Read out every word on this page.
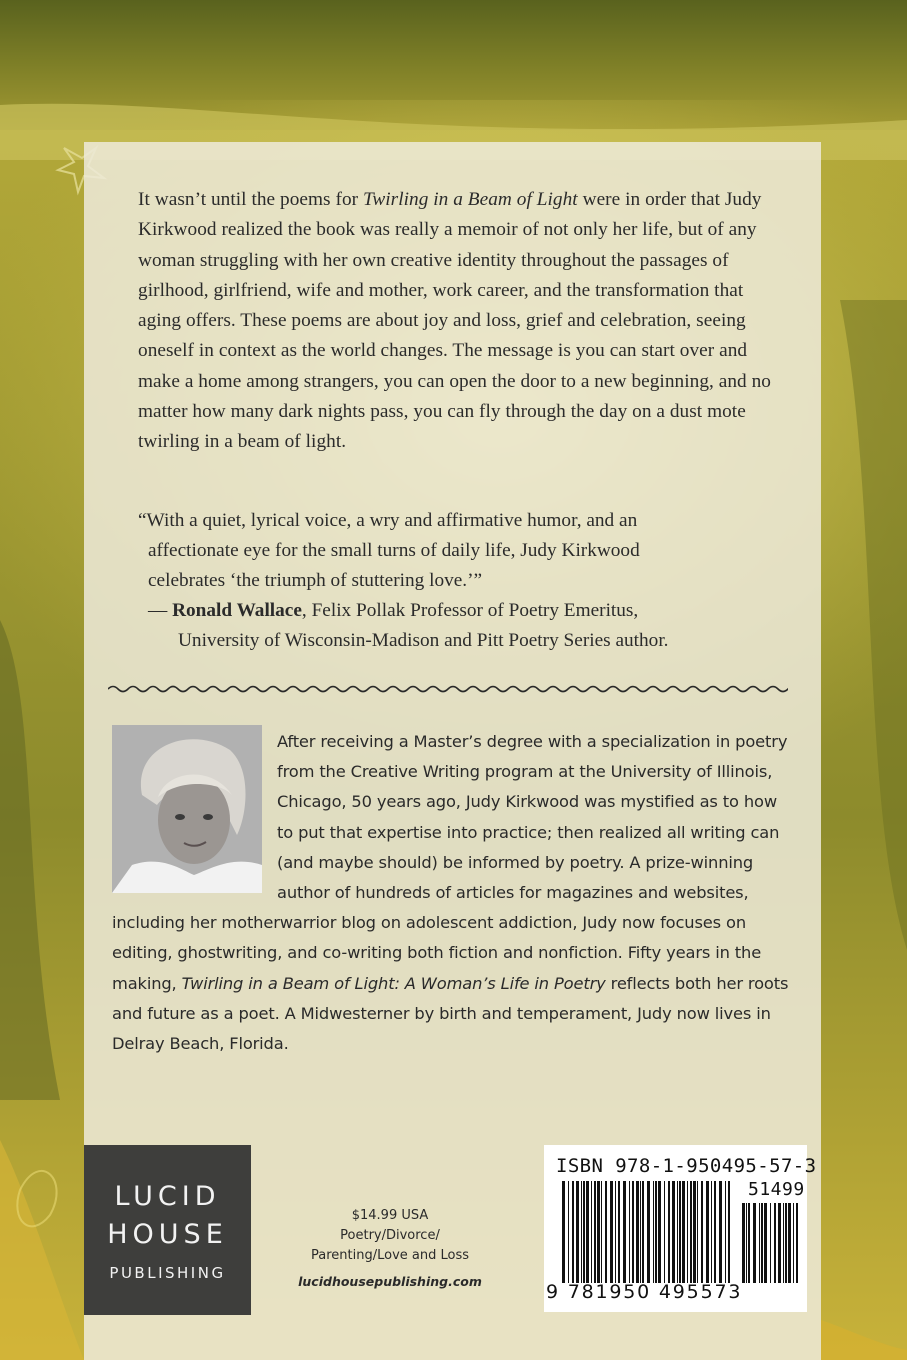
It wasn’t until the poems for Twirling in a Beam of Light were in order that Judy Kirkwood realized the book was really a memoir of not only her life, but of any woman struggling with her own creative identity throughout the passages of girlhood, girlfriend, wife and mother, work career, and the transformation that aging offers. These poems are about joy and loss, grief and celebration, seeing oneself in context as the world changes. The message is you can start over and make a home among strangers, you can open the door to a new beginning, and no matter how many dark nights pass, you can fly through the day on a dust mote twirling in a beam of light.

“With a quiet, lyrical voice, a wry and affirmative humor, and an
affectionate eye for the small turns of daily life, Judy Kirkwood
celebrates ‘the triumph of stuttering love.’”
— Ronald Wallace, Felix Pollak Professor of Poetry Emeritus,
University of Wisconsin-Madison and Pitt Poetry Series author.

After receiving a Master’s degree with a specialization in poetry from the Creative Writing program at the University of Illinois, Chicago, 50 years ago, Judy Kirkwood was mystified as to how to put that expertise into practice; then realized all writing can (and maybe should) be informed by poetry. A prize-winning author of hundreds of articles for magazines and websites, including her motherwarrior blog on adolescent addiction, Judy now focuses on editing, ghostwriting, and co-writing both fiction and nonfiction. Fifty years in the making, Twirling in a Beam of Light: A Woman’s Life in Poetry reflects both her roots and future as a poet. A Midwesterner by birth and temperament, Judy now lives in Delray Beach, Florida.

LUCID
HOUSE
PUBLISHING
$14.99 USA
Poetry/Divorce/
Parenting/Love and Loss
lucidhousepublishing.com
ISBN 978-1-950495-57-3
51499
9 781950 495573
